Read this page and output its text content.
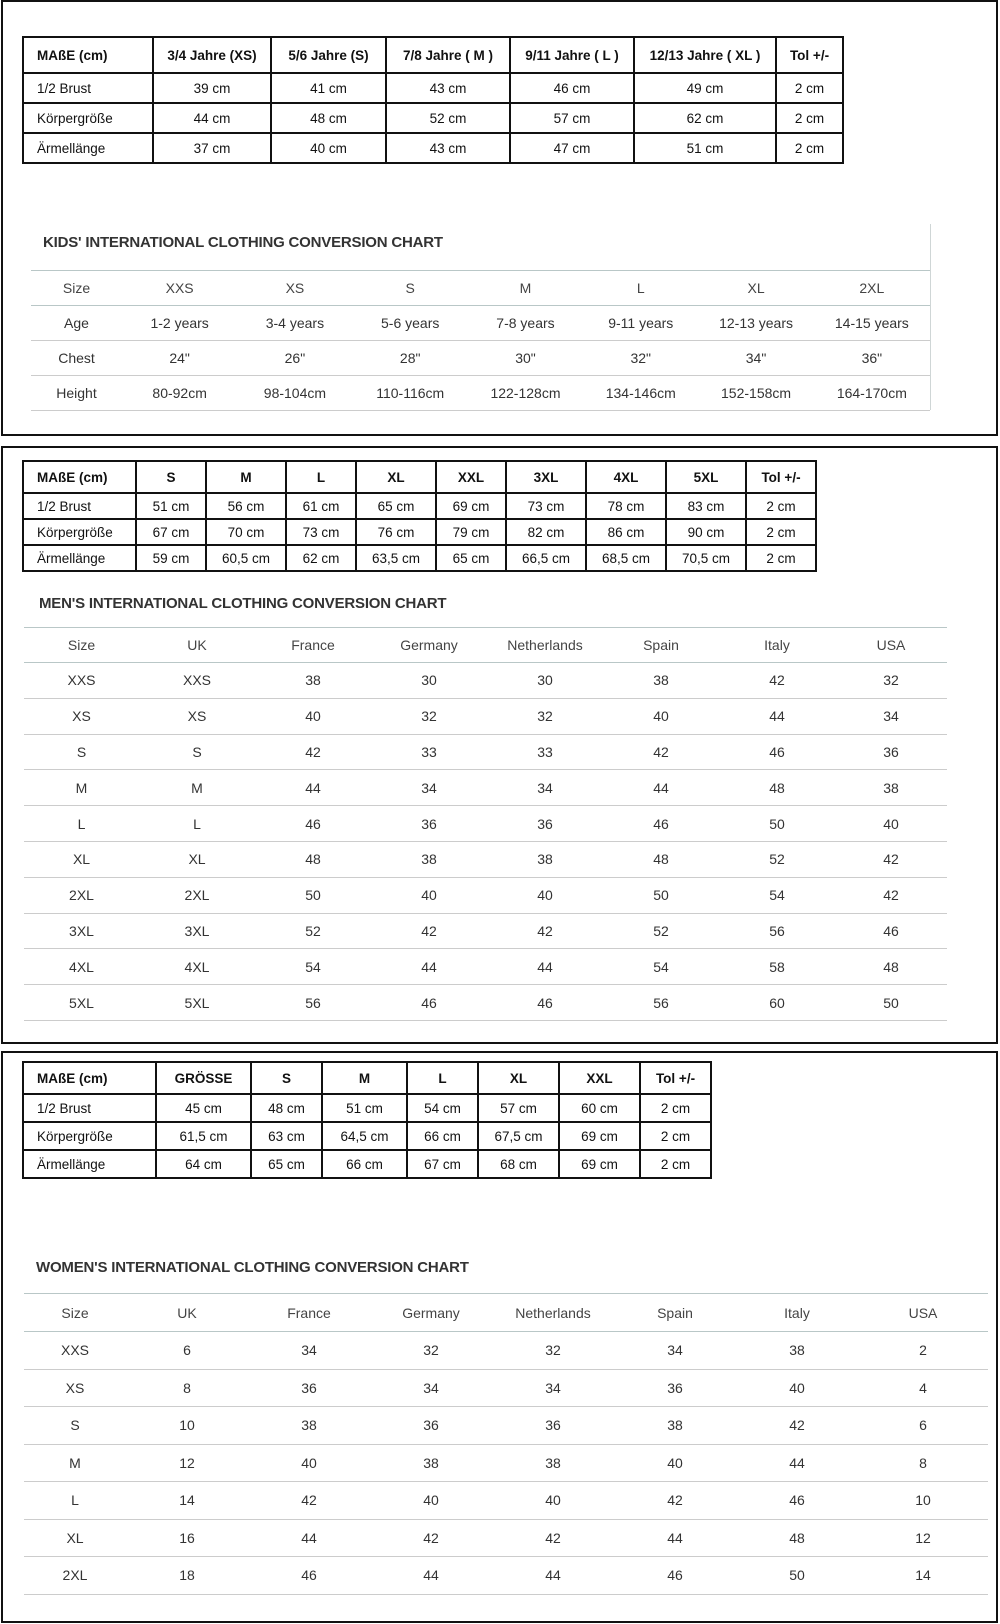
MAßE (cm)	3/4 Jahre (XS)	5/6 Jahre (S)	7/8 Jahre ( M )	9/11 Jahre ( L )	12/13 Jahre ( XL )	Tol +/-
1/2 Brust	39 cm	41 cm	43 cm	46 cm	49 cm	2 cm
Körpergröße	44 cm	48 cm	52 cm	57 cm	62 cm	2 cm
Ärmellänge	37 cm	40 cm	43 cm	47 cm	51 cm	2 cm
KIDS' INTERNATIONAL CLOTHING CONVERSION CHART
Size	XXS	XS	S	M	L	XL	2XL
Age	1-2 years	3-4 years	5-6 years	7-8 years	9-11 years	12-13 years	14-15 years
Chest	24"	26"	28"	30"	32"	34"	36"
Height	80-92cm	98-104cm	110-116cm	122-128cm	134-146cm	152-158cm	164-170cm
MAßE (cm)	S	M	L	XL	XXL	3XL	4XL	5XL	Tol +/-
1/2 Brust	51 cm	56 cm	61 cm	65 cm	69 cm	73 cm	78 cm	83 cm	2 cm
Körpergröße	67 cm	70 cm	73 cm	76 cm	79 cm	82 cm	86 cm	90 cm	2 cm
Ärmellänge	59 cm	60,5 cm	62 cm	63,5 cm	65 cm	66,5 cm	68,5 cm	70,5 cm	2 cm
MEN'S INTERNATIONAL CLOTHING CONVERSION CHART
Size	UK	France	Germany	Netherlands	Spain	Italy	USA
XXS	XXS	38	30	30	38	42	32
XS	XS	40	32	32	40	44	34
S	S	42	33	33	42	46	36
M	M	44	34	34	44	48	38
L	L	46	36	36	46	50	40
XL	XL	48	38	38	48	52	42
2XL	2XL	50	40	40	50	54	42
3XL	3XL	52	42	42	52	56	46
4XL	4XL	54	44	44	54	58	48
5XL	5XL	56	46	46	56	60	50
MAßE (cm)	GRÖSSE	S	M	L	XL	XXL	Tol +/-
1/2 Brust	45 cm	48 cm	51 cm	54 cm	57 cm	60 cm	2 cm
Körpergröße	61,5 cm	63 cm	64,5 cm	66 cm	67,5 cm	69 cm	2 cm
Ärmellänge	64 cm	65 cm	66 cm	67 cm	68 cm	69 cm	2 cm
WOMEN'S INTERNATIONAL CLOTHING CONVERSION CHART
Size	UK	France	Germany	Netherlands	Spain	Italy	USA
XXS	6	34	32	32	34	38	2
XS	8	36	34	34	36	40	4
S	10	38	36	36	38	42	6
M	12	40	38	38	40	44	8
L	14	42	40	40	42	46	10
XL	16	44	42	42	44	48	12
2XL	18	46	44	44	46	50	14
